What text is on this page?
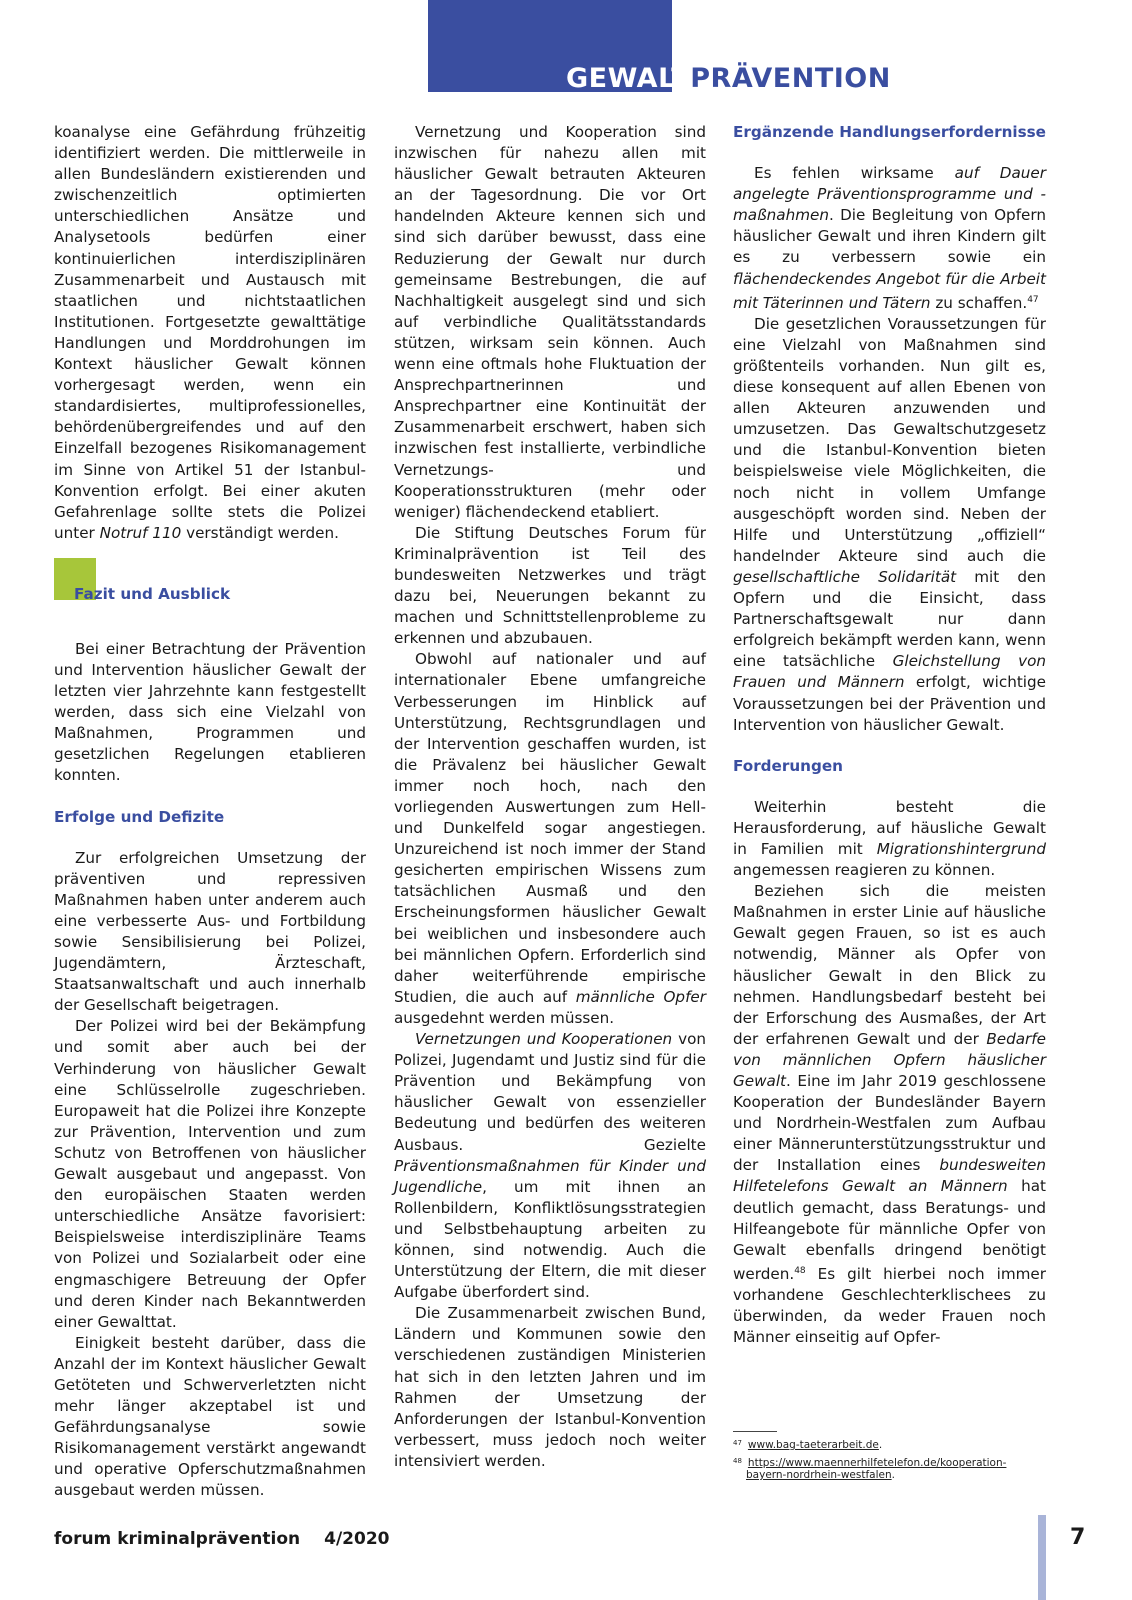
GEWALTPRÄVENTION

koanalyse eine Gefährdung frühzeitig identifiziert werden. Die mittlerweile in allen Bundesländern existierenden und zwischenzeitlich optimierten unterschiedlichen Ansätze und Analysetools bedürfen einer kontinuierlichen interdisziplinären Zusammenarbeit und Austausch mit staatlichen und nichtstaatlichen Institutionen. Fortgesetzte gewalttätige Handlungen und Morddrohungen im Kontext häuslicher Gewalt können vorhergesagt werden, wenn ein standardisiertes, multiprofessionelles, behördenübergreifendes und auf den Einzelfall bezogenes Risikomanagement im Sinne von Artikel 51 der Istanbul-Konvention erfolgt. Bei einer akuten Gefahrenlage sollte stets die Polizei unter Notruf 110 verständigt werden.

Bei einer Betrachtung der Prävention und Intervention häuslicher Gewalt der letzten vier Jahrzehnte kann festgestellt werden, dass sich eine Vielzahl von Maßnahmen, Programmen und gesetzlichen Regelungen etablieren konnten.

Erfolge und Defizite

Zur erfolgreichen Umsetzung der präventiven und repressiven Maßnahmen haben unter anderem auch eine verbesserte Aus- und Fortbildung sowie Sensibilisierung bei Polizei, Jugendämtern, Ärzteschaft, Staatsanwaltschaft und auch innerhalb der Gesellschaft beigetragen.

Der Polizei wird bei der Bekämpfung und somit aber auch bei der Verhinderung von häuslicher Gewalt eine Schlüsselrolle zugeschrieben. Europaweit hat die Polizei ihre Konzepte zur Prävention, Intervention und zum Schutz von Betroffenen von häuslicher Gewalt ausgebaut und angepasst. Von den europäischen Staaten werden unterschiedliche Ansätze favorisiert: Beispielsweise interdisziplinäre Teams von Polizei und Sozialarbeit oder eine engmaschigere Betreuung der Opfer und deren Kinder nach Bekanntwerden einer Gewalttat.

Einigkeit besteht darüber, dass die Anzahl der im Kontext häuslicher Gewalt Getöteten und Schwerverletzten nicht mehr länger akzeptabel ist und Gefährdungsanalyse sowie Risikomanagement verstärkt angewandt und operative Opferschutzmaßnahmen ausgebaut werden müssen.

Fazit und Ausblick

Vernetzung und Kooperation sind inzwischen für nahezu allen mit häuslicher Gewalt betrauten Akteuren an der Tagesordnung. Die vor Ort handelnden Akteure kennen sich und sind sich darüber bewusst, dass eine Reduzierung der Gewalt nur durch gemeinsame Bestrebungen, die auf Nachhaltigkeit ausgelegt sind und sich auf verbindliche Qualitätsstandards stützen, wirksam sein können. Auch wenn eine oftmals hohe Fluktuation der Ansprechpartnerinnen und Ansprechpartner eine Kontinuität der Zusammenarbeit erschwert, haben sich inzwischen fest installierte, verbindliche Vernetzungs- und Kooperationsstrukturen (mehr oder weniger) flächendeckend etabliert.

Die Stiftung Deutsches Forum für Kriminalprävention ist Teil des bundesweiten Netzwerkes und trägt dazu bei, Neuerungen bekannt zu machen und Schnittstellenprobleme zu erkennen und abzubauen.

Obwohl auf nationaler und auf internationaler Ebene umfangreiche Verbesserungen im Hinblick auf Unterstützung, Rechtsgrundlagen und der Intervention geschaffen wurden, ist die Prävalenz bei häuslicher Gewalt immer noch hoch, nach den vorliegenden Auswertungen zum Hell- und Dunkelfeld sogar angestiegen. Unzureichend ist noch immer der Stand gesicherten empirischen Wissens zum tatsächlichen Ausmaß und den Erscheinungsformen häuslicher Gewalt bei weiblichen und insbesondere auch bei männlichen Opfern. Erforderlich sind daher weiterführende empirische Studien, die auch auf männliche Opfer ausgedehnt werden müssen.

Vernetzungen und Kooperationen von Polizei, Jugendamt und Justiz sind für die Prävention und Bekämpfung von häuslicher Gewalt von essenzieller Bedeutung und bedürfen des weiteren Ausbaus. Gezielte Präventionsmaßnahmen für Kinder und Jugendliche, um mit ihnen an Rollenbildern, Konfliktlösungsstrategien und Selbstbehauptung arbeiten zu können, sind notwendig. Auch die Unterstützung der Eltern, die mit dieser Aufgabe überfordert sind.

Die Zusammenarbeit zwischen Bund, Ländern und Kommunen sowie den verschiedenen zuständigen Ministerien hat sich in den letzten Jahren und im Rahmen der Umsetzung der Anforderungen der Istanbul-Konvention verbessert, muss jedoch noch weiter intensiviert werden.

Ergänzende Handlungserfordernisse

Es fehlen wirksame auf Dauer angelegte Präventionsprogramme und -maßnahmen. Die Begleitung von Opfern häuslicher Gewalt und ihren Kindern gilt es zu verbessern sowie ein flächendeckendes Angebot für die Arbeit mit Täterinnen und Tätern zu schaffen.$^{47}$

Die gesetzlichen Voraussetzungen für eine Vielzahl von Maßnahmen sind größtenteils vorhanden. Nun gilt es, diese konsequent auf allen Ebenen von allen Akteuren anzuwenden und umzusetzen. Das Gewaltschutzgesetz und die Istanbul-Konvention bieten beispielsweise viele Möglichkeiten, die noch nicht in vollem Umfange ausgeschöpft worden sind. Neben der Hilfe und Unterstützung „offiziell“ handelnder Akteure sind auch die gesellschaftliche Solidarität mit den Opfern und die Einsicht, dass Partnerschaftsgewalt nur dann erfolgreich bekämpft werden kann, wenn eine tatsächliche Gleichstellung von Frauen und Männern erfolgt, wichtige Voraussetzungen bei der Prävention und Intervention von häuslicher Gewalt.

Forderungen

Weiterhin besteht die Herausforderung, auf häusliche Gewalt in Familien mit Migrationshintergrund angemessen reagieren zu können.

Beziehen sich die meisten Maßnahmen in erster Linie auf häusliche Gewalt gegen Frauen, so ist es auch notwendig, Männer als Opfer von häuslicher Gewalt in den Blick zu nehmen. Handlungsbedarf besteht bei der Erforschung des Ausmaßes, der Art der erfahrenen Gewalt und der Bedarfe von männlichen Opfern häuslicher Gewalt. Eine im Jahr 2019 geschlossene Kooperation der Bundesländer Bayern und Nordrhein-Westfalen zum Aufbau einer Männerunterstützungsstruktur und der Installation eines bundesweiten Hilfetelefons Gewalt an Männern hat deutlich gemacht, dass Beratungs- und Hilfeangebote für männliche Opfer von Gewalt ebenfalls dringend benötigt werden.$^{48}$ Es gilt hierbei noch immer vorhandene Geschlechterklischees zu überwinden, da weder Frauen noch Männer einseitig auf Opfer-

$^{47}$ www.bag-taeterarbeit.de.
$^{48}$ https://www.maennerhilfetelefon.de/kooperation-
bayern-nordrhein-westfalen.
forum kriminalprävention 4/2020	7
